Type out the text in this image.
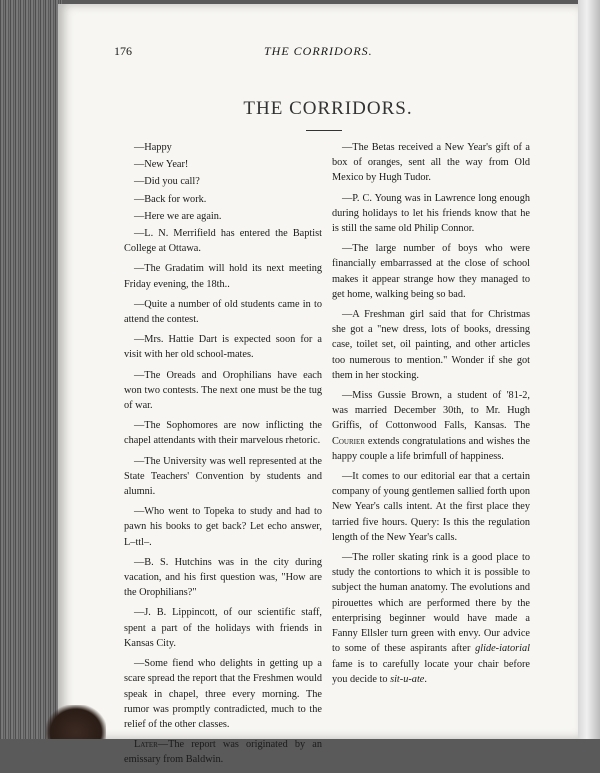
176	THE CORRIDORS.
THE CORRIDORS.

—Happy

—New Year!

—Did you call?

—Back for work.

—Here we are again.

—L. N. Merrifield has entered the Baptist College at Ottawa.

—The Gradatim will hold its next meeting Friday evening, the 18th..

—Quite a number of old students came in to attend the contest.

—Mrs. Hattie Dart is expected soon for a visit with her old school-mates.

—The Oreads and Orophilians have each won two contests. The next one must be the tug of war.

—The Sophomores are now inflicting the chapel attendants with their marvelous rhetoric.

—The University was well represented at the State Teachers' Convention by students and alumni.

—Who went to Topeka to study and had to pawn his books to get back? Let echo answer, L–ttl–.

—B. S. Hutchins was in the city during vacation, and his first question was, "How are the Orophilians?"

—J. B. Lippincott, of our scientific staff, spent a part of the holidays with friends in Kansas City.

—Some fiend who delights in getting up a scare spread the report that the Freshmen would speak in chapel, three every morning. The rumor was promptly contradicted, much to the relief of the other classes.

Later—The report was originated by an emissary from Baldwin.

—The Betas received a New Year's gift of a box of oranges, sent all the way from Old Mexico by Hugh Tudor.

—P. C. Young was in Lawrence long enough during holidays to let his friends know that he is still the same old Philip Connor.

—The large number of boys who were financially embarrassed at the close of school makes it appear strange how they managed to get home, walking being so bad.

—A Freshman girl said that for Christmas she got a "new dress, lots of books, dressing case, toilet set, oil painting, and other articles too numerous to mention." Wonder if she got them in her stocking.

—Miss Gussie Brown, a student of '81-2, was married December 30th, to Mr. Hugh Griffis, of Cottonwood Falls, Kansas. The Courier extends congratulations and wishes the happy couple a life brimfull of happiness.

—It comes to our editorial ear that a certain company of young gentlemen sallied forth upon New Year's calls intent. At the first place they tarried five hours. Query: Is this the regulation length of the New Year's calls.

—The roller skating rink is a good place to study the contortions to which it is possible to subject the human anatomy. The evolutions and pirouettes which are performed there by the enterprising beginner would have made a Fanny Ellsler turn green with envy. Our advice to some of these aspirants after glide-iatorial fame is to carefully locate your chair before you decide to sit-u-ate.
